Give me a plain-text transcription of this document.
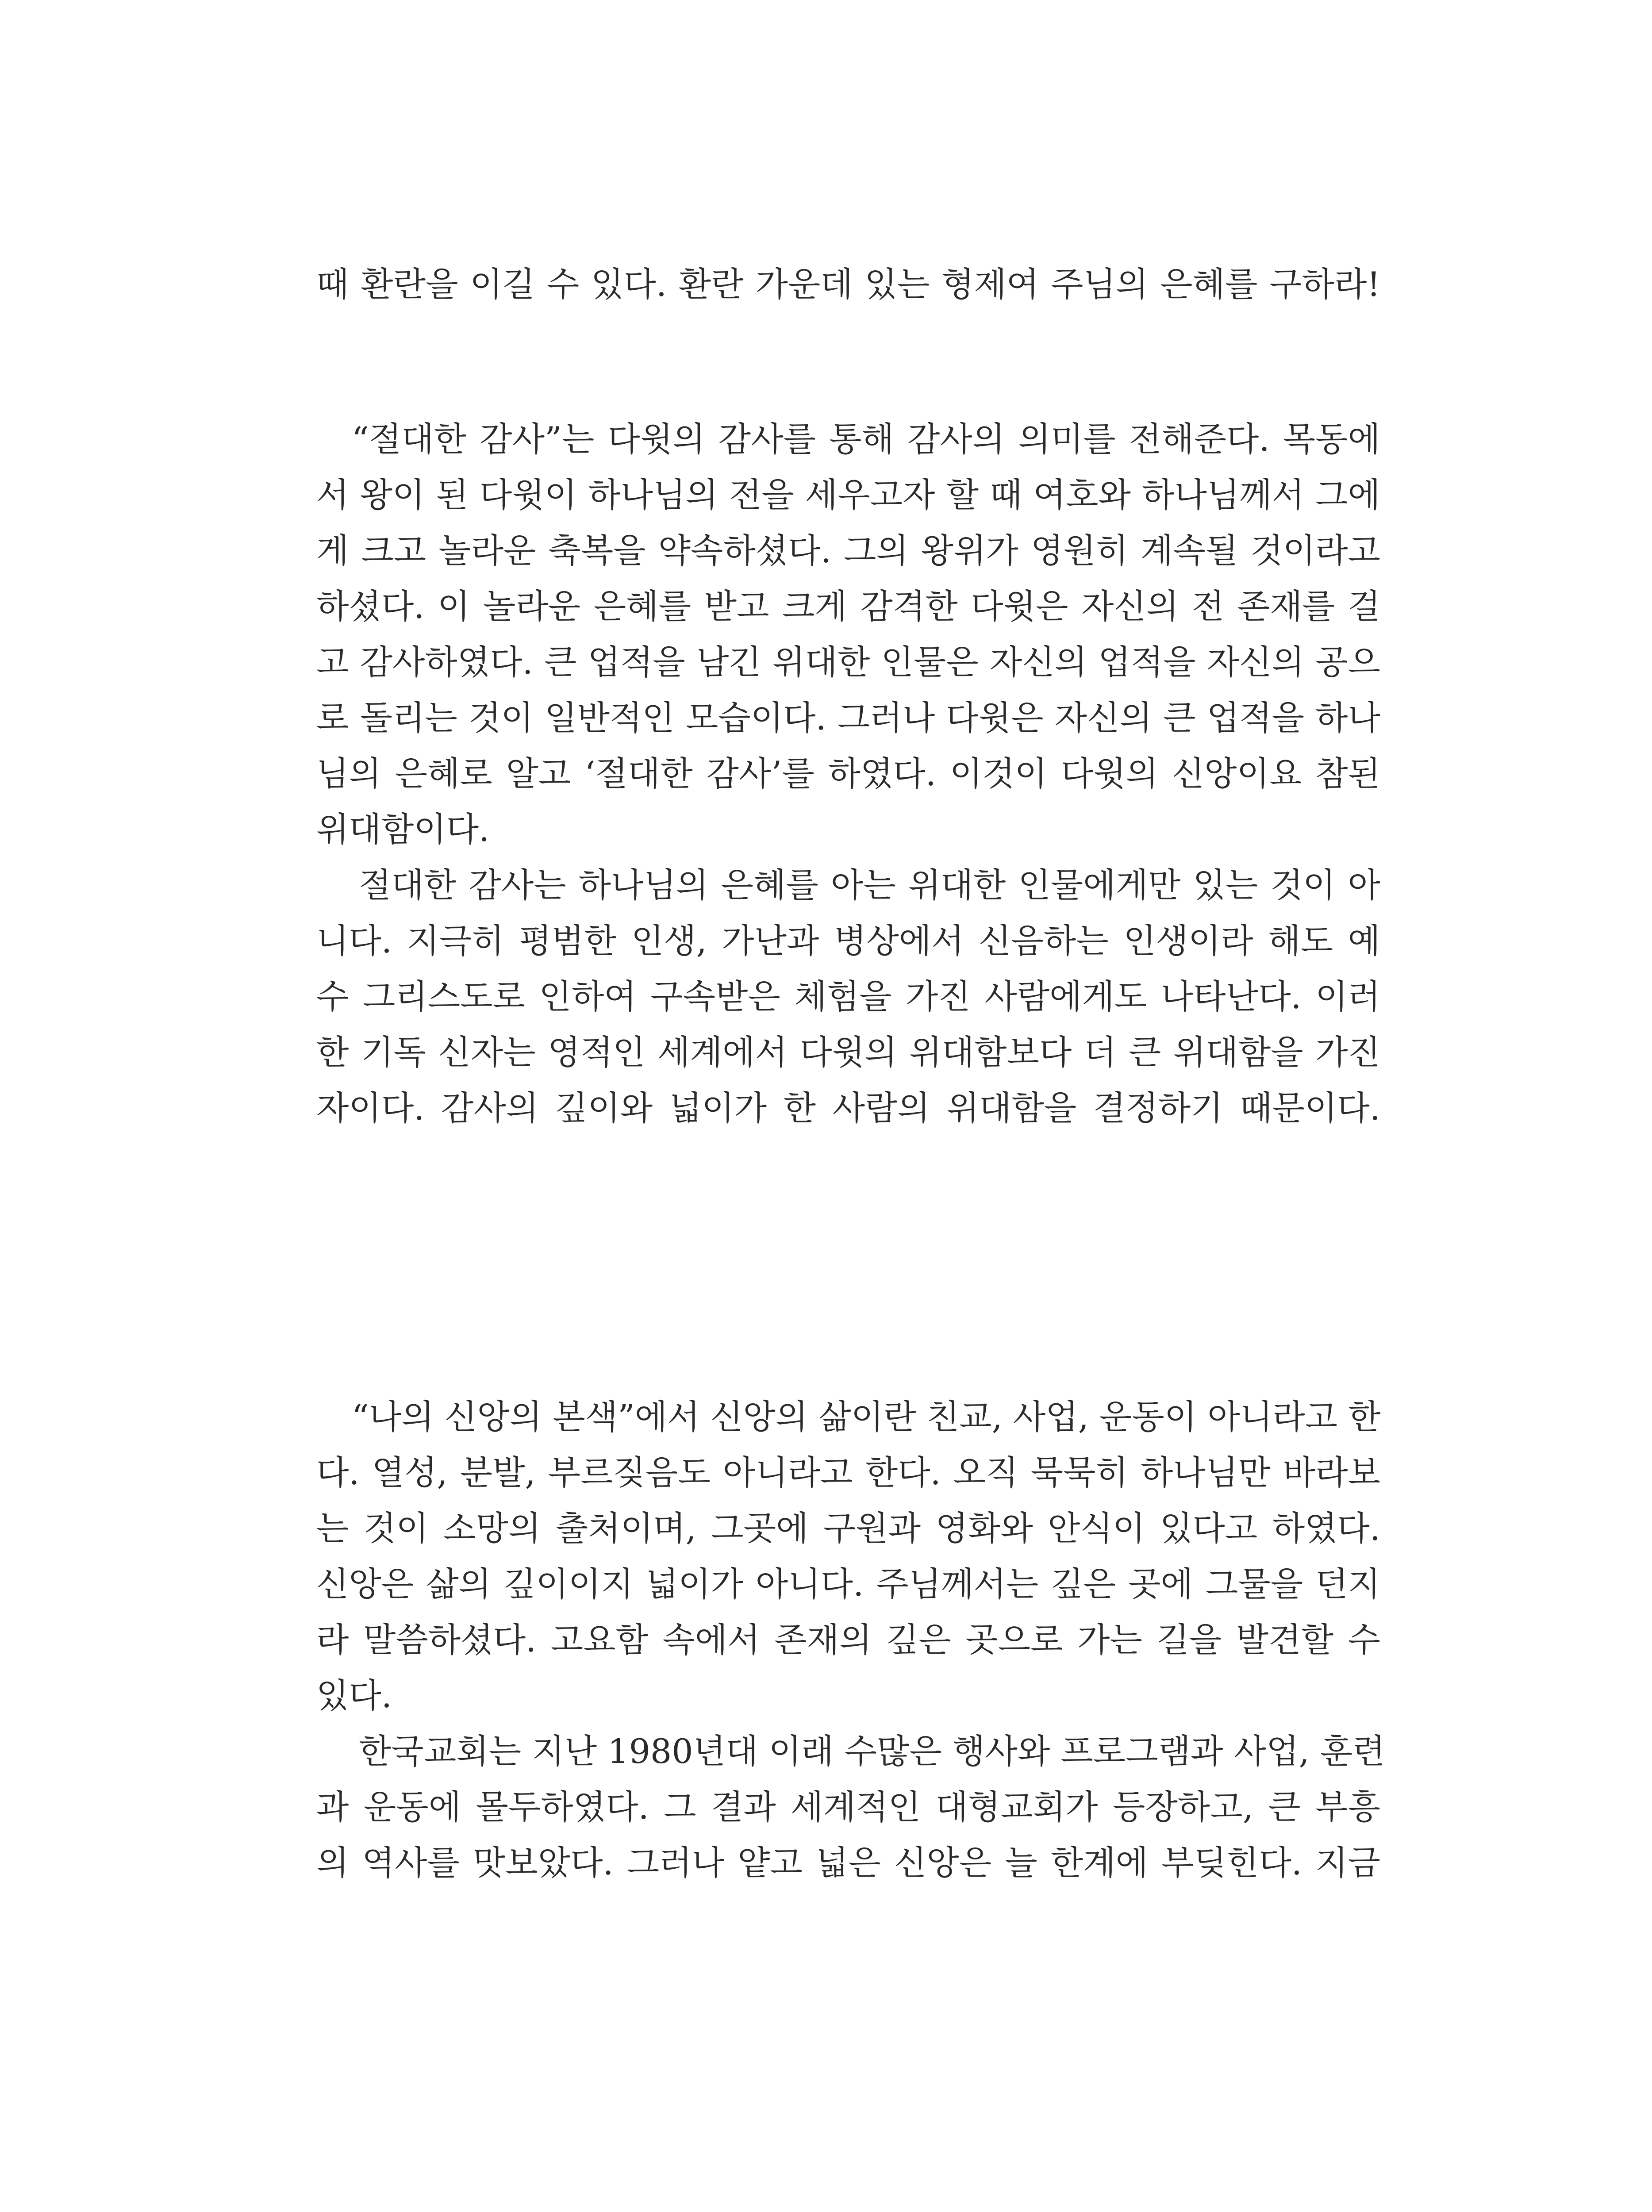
때 환란을 이길 수 있다. 환란 가운데 있는 형제여 주님의 은혜를 구하라!
“절대한 감사”는 다윗의 감사를 통해 감사의 의미를 전해준다. 목동에
서 왕이 된 다윗이 하나님의 전을 세우고자 할 때 여호와 하나님께서 그에
게 크고 놀라운 축복을 약속하셨다. 그의 왕위가 영원히 계속될 것이라고
하셨다. 이 놀라운 은혜를 받고 크게 감격한 다윗은 자신의 전 존재를 걸
고 감사하였다. 큰 업적을 남긴 위대한 인물은 자신의 업적을 자신의 공으
로 돌리는 것이 일반적인 모습이다. 그러나 다윗은 자신의 큰 업적을 하나
님의 은혜로 알고 ‘절대한 감사’를 하였다. 이것이 다윗의 신앙이요 참된
위대함이다.
절대한 감사는 하나님의 은혜를 아는 위대한 인물에게만 있는 것이 아
니다. 지극히 평범한 인생, 가난과 병상에서 신음하는 인생이라 해도 예
수 그리스도로 인하여 구속받은 체험을 가진 사람에게도 나타난다. 이러
한 기독 신자는 영적인 세계에서 다윗의 위대함보다 더 큰 위대함을 가진
자이다. 감사의 깊이와 넓이가 한 사람의 위대함을 결정하기 때문이다.
“나의 신앙의 본색”에서 신앙의 삶이란 친교, 사업, 운동이 아니라고 한
다. 열성, 분발, 부르짖음도 아니라고 한다. 오직 묵묵히 하나님만 바라보
는 것이 소망의 출처이며, 그곳에 구원과 영화와 안식이 있다고 하였다.
신앙은 삶의 깊이이지 넓이가 아니다. 주님께서는 깊은 곳에 그물을 던지
라 말씀하셨다. 고요함 속에서 존재의 깊은 곳으로 가는 길을 발견할 수
있다.
한국교회는 지난 1980년대 이래 수많은 행사와 프로그램과 사업, 훈련
과 운동에 몰두하였다. 그 결과 세계적인 대형교회가 등장하고, 큰 부흥
의 역사를 맛보았다. 그러나 얕고 넓은 신앙은 늘 한계에 부딪힌다. 지금
